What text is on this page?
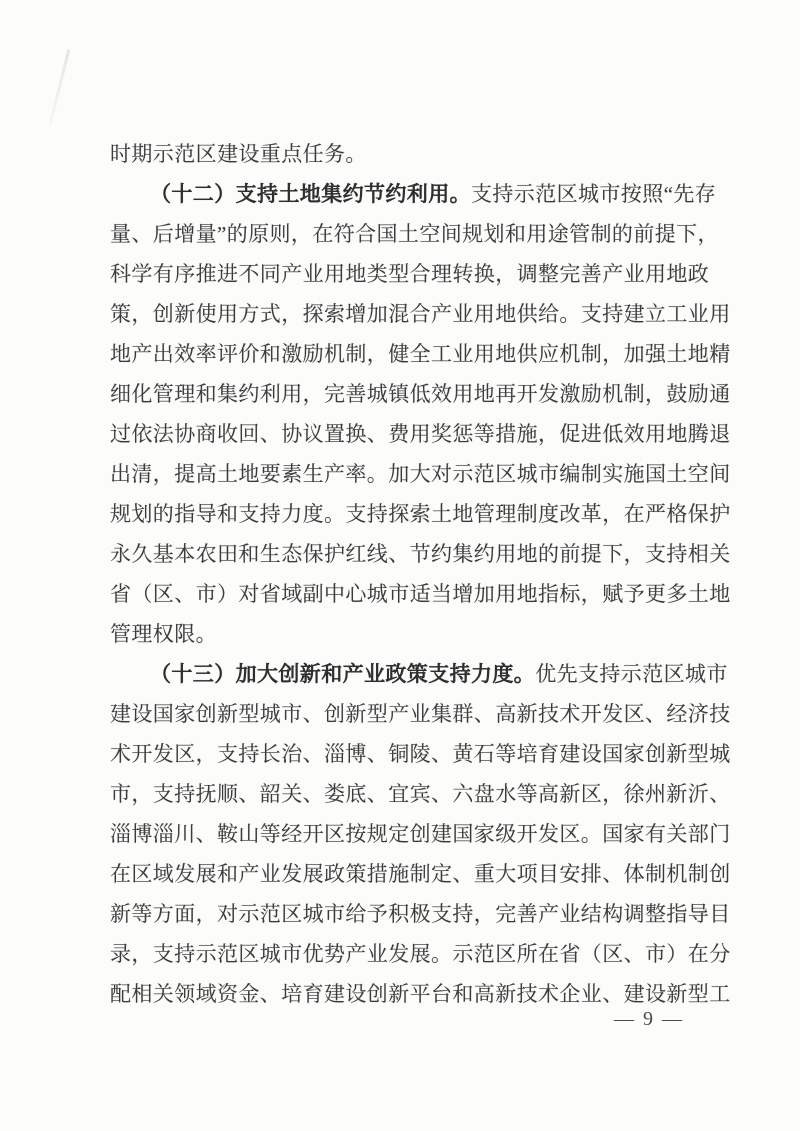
时期示范区建设重点任务。
（十二）支持土地集约节约利用。支持示范区城市按照“先存
量、后增量”的原则，在符合国土空间规划和用途管制的前提下，
科学有序推进不同产业用地类型合理转换，调整完善产业用地政
策，创新使用方式，探索增加混合产业用地供给。支持建立工业用
地产出效率评价和激励机制，健全工业用地供应机制，加强土地精
细化管理和集约利用，完善城镇低效用地再开发激励机制，鼓励通
过依法协商收回、协议置换、费用奖惩等措施，促进低效用地腾退
出清，提高土地要素生产率。加大对示范区城市编制实施国土空间
规划的指导和支持力度。支持探索土地管理制度改革，在严格保护
永久基本农田和生态保护红线、节约集约用地的前提下，支持相关
省（区、市）对省域副中心城市适当增加用地指标，赋予更多土地
管理权限。
（十三）加大创新和产业政策支持力度。优先支持示范区城市
建设国家创新型城市、创新型产业集群、高新技术开发区、经济技
术开发区，支持长治、淄博、铜陵、黄石等培育建设国家创新型城
市，支持抚顺、韶关、娄底、宜宾、六盘水等高新区，徐州新沂、
淄博淄川、鞍山等经开区按规定创建国家级开发区。国家有关部门
在区域发展和产业发展政策措施制定、重大项目安排、体制机制创
新等方面，对示范区城市给予积极支持，完善产业结构调整指导目
录，支持示范区城市优势产业发展。示范区所在省（区、市）在分
配相关领域资金、培育建设创新平台和高新技术企业、建设新型工
— 9 —
